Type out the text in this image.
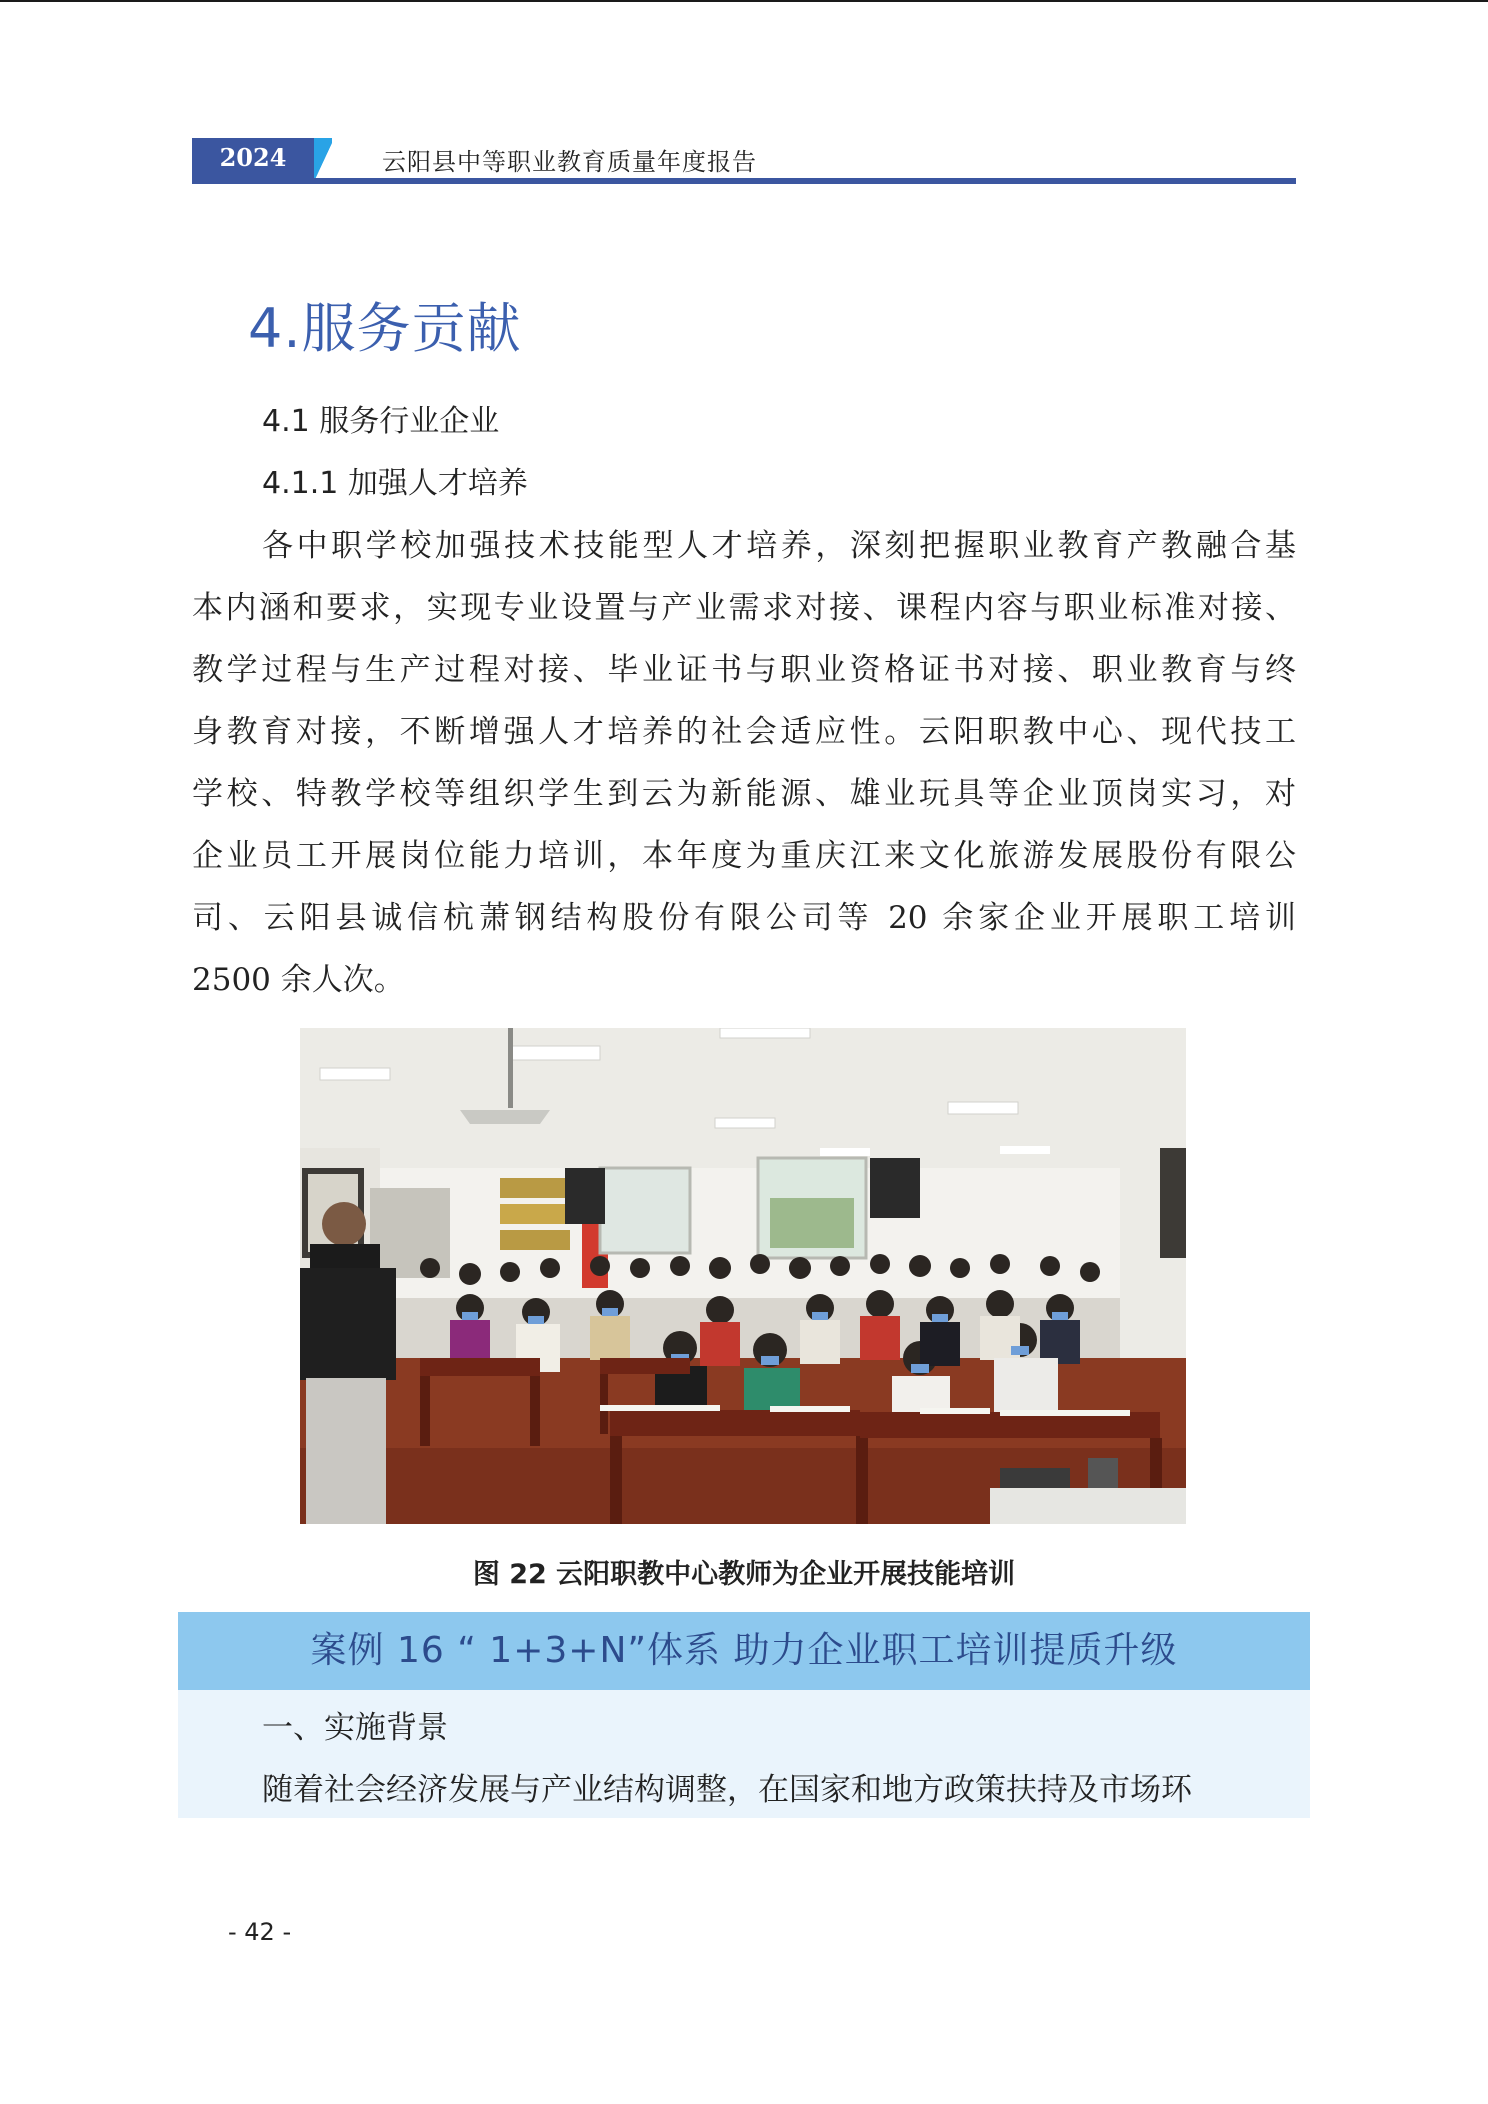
2024	云阳县中等职业教育质量年度报告
4.服务贡献
4.1 服务行业企业
4.1.1 加强人才培养
各中职学校加强技术技能型人才培养，深刻把握职业教育产教融合基
本内涵和要求，实现专业设置与产业需求对接、课程内容与职业标准对接、
教学过程与生产过程对接、毕业证书与职业资格证书对接、职业教育与终
身教育对接，不断增强人才培养的社会适应性。云阳职教中心、现代技工
学校、特教学校等组织学生到云为新能源、雄业玩具等企业顶岗实习，对
企业员工开展岗位能力培训，本年度为重庆江来文化旅游发展股份有限公
司、云阳县诚信杭萧钢结构股份有限公司等 20 余家企业开展职工培训
2500 余人次。
图 22 云阳职教中心教师为企业开展技能培训
案例 16 “ 1+3+N”体系 助力企业职工培训提质升级
一、实施背景
随着社会经济发展与产业结构调整，在国家和地方政策扶持及市场环
- 42 -
